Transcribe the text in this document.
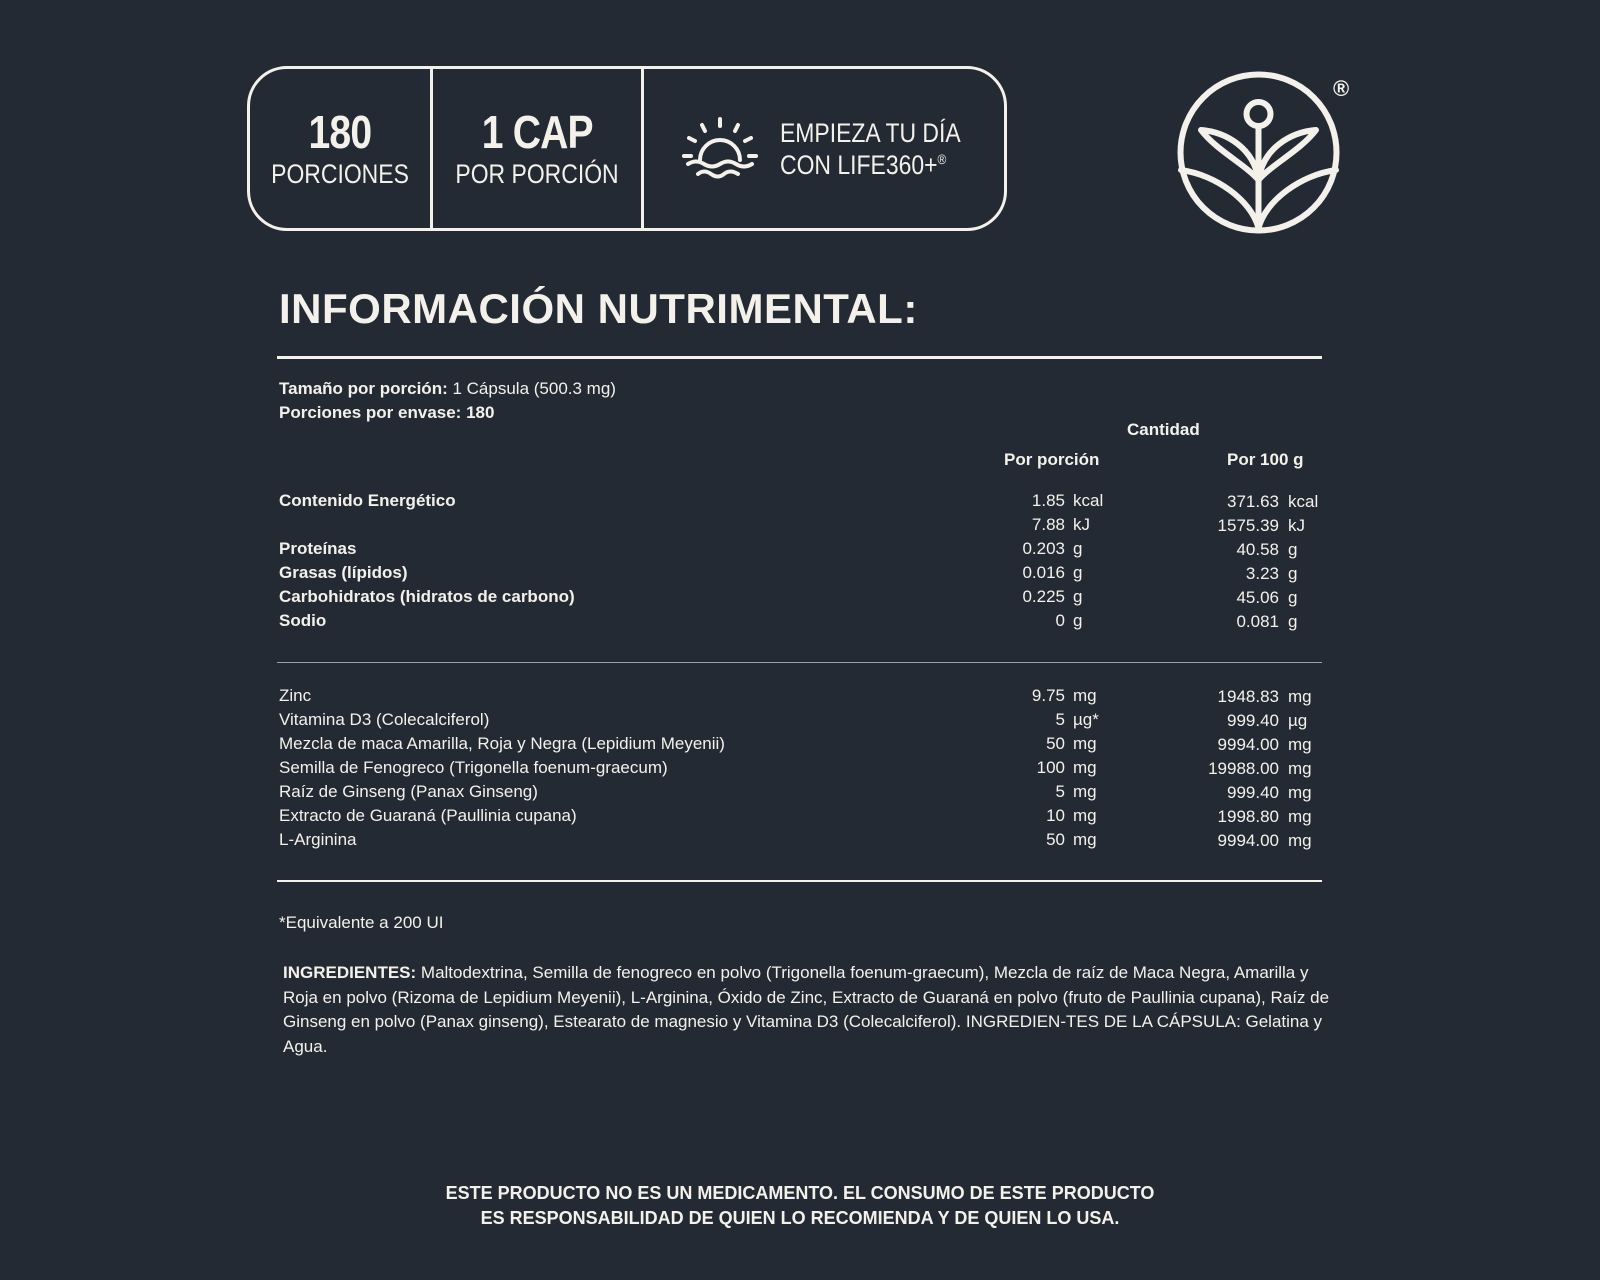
180
PORCIONES
1 CAP
POR PORCIÓN
EMPIEZA TU DÍA
CON LIFE360+®
®
INFORMACIÓN NUTRIMENTAL:
Tamaño por porción: 1 Cápsula (500.3 mg)
Porciones por envase: 180
Cantidad
Por porción	Por 100 g
Contenido Energético	1.85 kcal	371.63 kcal
7.88 kJ	1575.39 kJ
Proteínas	0.203 g	40.58 g
Grasas (lípidos)	0.016 g	3.23 g
Carbohidratos (hidratos de carbono)	0.225 g	45.06 g
Sodio	0 g	0.081 g
Zinc	9.75 mg	1948.83 mg
Vitamina D3 (Colecalciferol)	5 µg*	999.40 µg
Mezcla de maca Amarilla, Roja y Negra (Lepidium Meyenii)	50 mg	9994.00 mg
Semilla de Fenogreco (Trigonella foenum-graecum)	100 mg	19988.00 mg
Raíz de Ginseng (Panax Ginseng)	5 mg	999.40 mg
Extracto de Guaraná (Paullinia cupana)	10 mg	1998.80 mg
L-Arginina	50 mg	9994.00 mg
*Equivalente a 200 UI
INGREDIENTES: Maltodextrina, Semilla de fenogreco en polvo (Trigonella foenum-graecum), Mezcla de raíz de Maca Negra, Amarilla y Roja en polvo (Rizoma de Lepidium Meyenii), L-Arginina, Óxido de Zinc, Extracto de Guaraná en polvo (fruto de Paullinia cupana), Raíz de Ginseng en polvo (Panax ginseng), Estearato de magnesio y Vitamina D3 (Colecalciferol). INGREDIEN-TES DE LA CÁPSULA: Gelatina y Agua.
ESTE PRODUCTO NO ES UN MEDICAMENTO. EL CONSUMO DE ESTE PRODUCTO
ES RESPONSABILIDAD DE QUIEN LO RECOMIENDA Y DE QUIEN LO USA.
